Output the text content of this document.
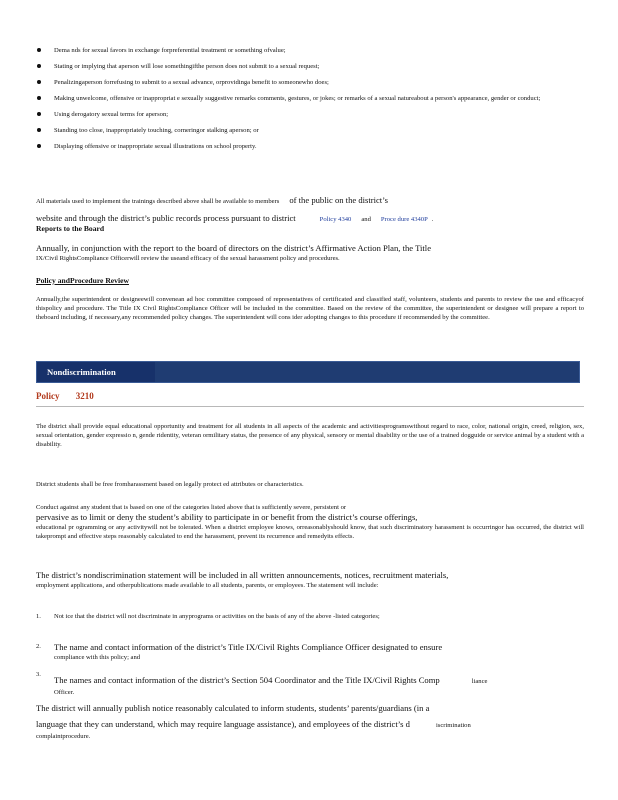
Dema nds for sexual favors in exchange forpreferential treatment or something ofvalue;
Stating or implying that aperson will lose somethingifthe person does not submit to a sexual request;
Penalizingaperson forrefusing to submit to a sexual advance, orprovidinga benefit to someonewho does;
Making unwelcome, offensive or inappropriat e sexually suggestive remarks comments, gestures, or jokes; or remarks of a sexual natureabout a person's appearance, gender or conduct;
Using derogatory sexual terms for aperson;
Standing too close, inappropriately touching, corneringor stalking aperson; or
Displaying offensive or inappropriate sexual illustrations on school property.
All materials used to implement the trainings described above shall be available to members of the public on the district’s
website and through the district’s public records process pursuant to district	Policy 4340 and Proce dure 4340P .
Reports to the Board
Annually, in conjunction with the report to the board of directors on the district’s Affirmative Action Plan, the Title
IX/Civil RightsCompliance Officerwill review the useand efficacy of the sexual harassment policy and procedures.
Policy andProcedure Review
Annually,the superintendent or designeewill convenean ad hoc committee composed of representatives of certificated and classified staff, volunteers, students and parents to review the use and efficacyof thispolicy and procedure. The Title IX Civil RightsCompliance Officer will be included in the committee. Based on the review of the committee, the superintendent or designee will prepare a report to theboard including, if necessary,any recommended policy changes. The superintendent will cons ider adopting changes to this procedure if recommended by the committee.
Nondiscrimination
Policy 3210
The district shall provide equal educational opportunity and treatment for all students in all aspects of the academic and activitiesprogramswithout regard to race, color, national origin, creed, religion, sex, sexual orientation, gender expressio n, gende ridentity, veteran ormilitary status, the presence of any physical, sensory or mental disability or the use of a trained dogguide or service animal by a student with a disability.
District students shall be free fromharassment based on legally protect ed attributes or characteristics.
Conduct against any student that is based on one of the categories listed above that is sufficiently severe, persistent or
pervasive as to limit or deny the student’s ability to participate in or benefit from the district’s course offerings,
educational pr ogramming or any activitywill not be tolerated. When a district employee knows, orreasonablyshould know, that such discriminatory harassment is occurringor has occurred, the district will takeprompt and effective steps reasonably calculated to end the harassment, prevent its recurrence and remedyits effects.
The district’s nondiscrimination statement will be included in all written announcements, notices, recruitment materials,
employment applications, and otherpublications made available to all students, parents, or employees. The statement will include:
1. Not ice that the district will not discriminate in anyprograms or activities on the basis of any of the above -listed categories;
2. The name and contact information of the district’s Title IX/Civil Rights Compliance Officer designated to ensure
compliance with this policy; and
3.
The names and contact information of the district’s Section 504 Coordinator and the Title IX/Civil Rights Comp	liance
Officer.
The district will annually publish notice reasonably calculated to inform students, students’ parents/guardians (in a
language that they can understand, which may require language assistance), and employees of the district’s d	iscrimination
complaintprocedure.
